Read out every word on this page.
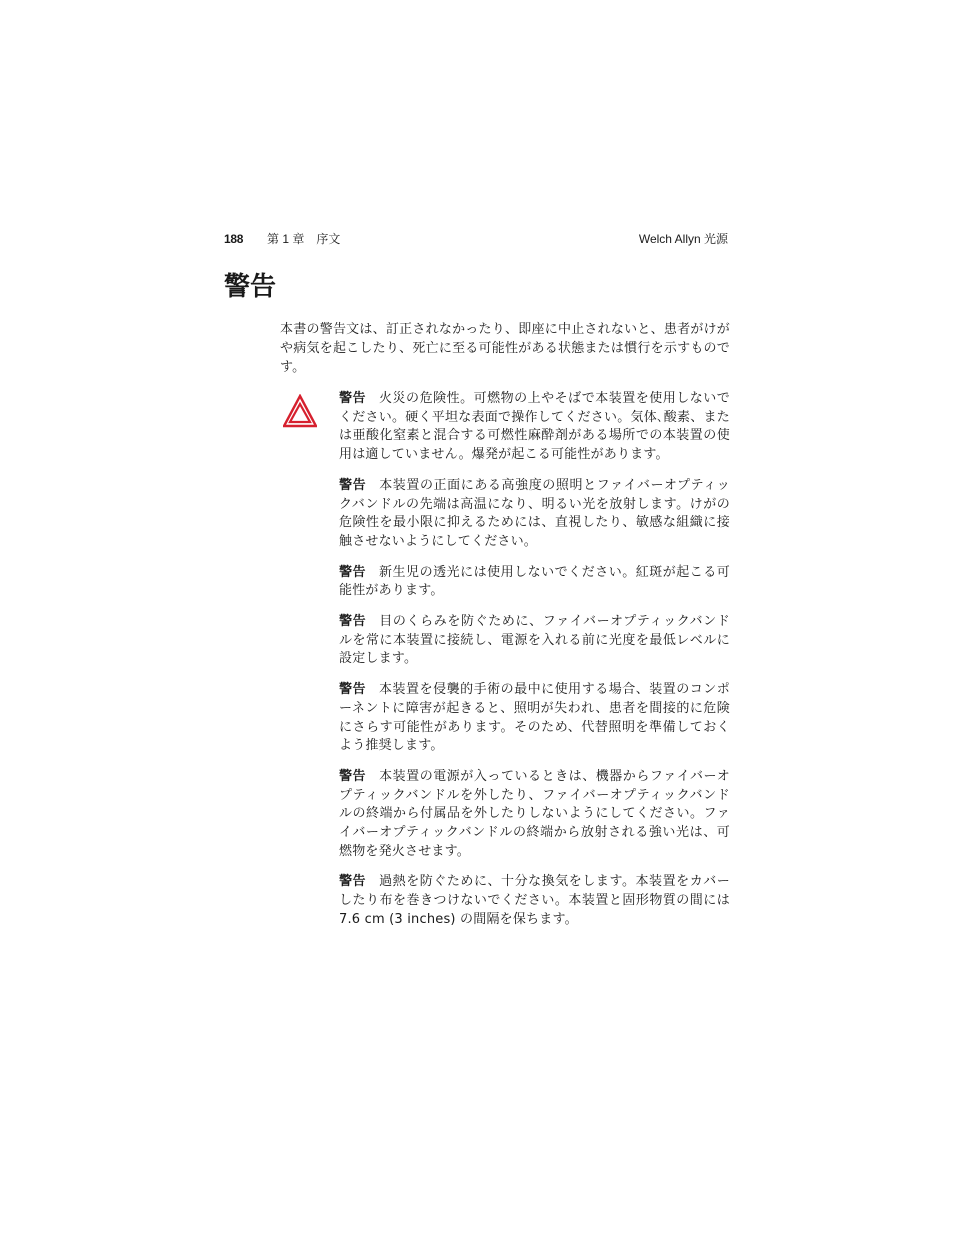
188 第 1 章　序文	Welch Allyn 光源
警告

本書の警告文は、訂正されなかったり、即座に中止されないと、患者がけがや病気を起こしたり、死亡に至る可能性がある状態または慣行を示すものです。

警告 火災の危険性。可燃物の上やそばで本装置を使用しないでください。硬く平坦な表面で操作してください。気体､酸素、または亜酸化窒素と混合する可燃性麻酔剤がある場所での本装置の使用は適していません。爆発が起こる可能性があります。

警告 本装置の正面にある高強度の照明とファイバーオプティックバンドルの先端は高温になり、明るい光を放射します。けがの危険性を最小限に抑えるためには、直視したり、敏感な組織に接触させないようにしてください。

警告 新生児の透光には使用しないでください。紅斑が起こる可能性があります。

警告 目のくらみを防ぐために、ファイバーオプティックバンドルを常に本装置に接続し、電源を入れる前に光度を最低レベルに設定します。

警告 本装置を侵襲的手術の最中に使用する場合、装置のコンポーネントに障害が起きると、照明が失われ、患者を間接的に危険にさらす可能性があります。そのため、代替照明を準備しておくよう推奨します。

警告 本装置の電源が入っているときは、機器からファイバーオプティックバンドルを外したり、ファイバーオプティックバンドルの終端から付属品を外したりしないようにしてください。ファイバーオプティックバンドルの終端から放射される強い光は、可燃物を発火させます。

警告 過熱を防ぐために、十分な換気をします。本装置をカバーしたり布を巻きつけないでください。本装置と固形物質の間には 7.6 cm (3 inches) の間隔を保ちます。
